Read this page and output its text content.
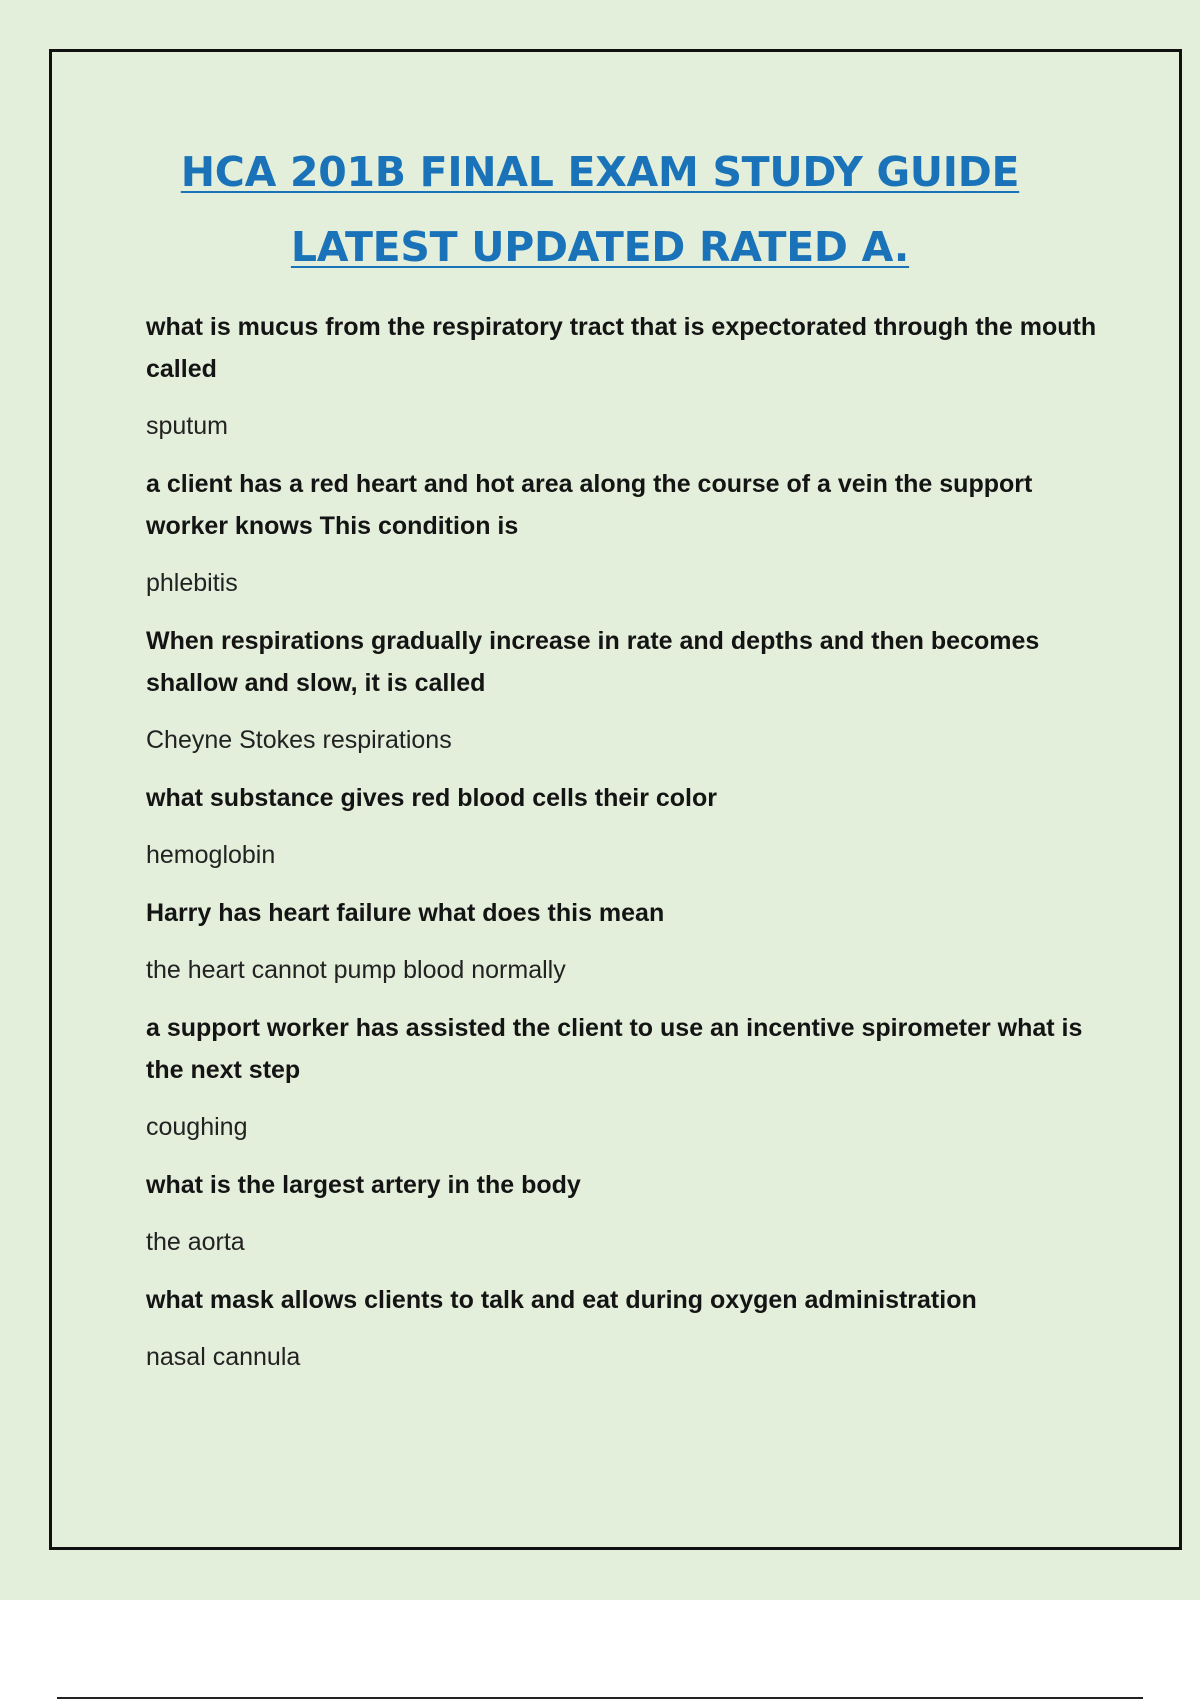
HCA 201B FINAL EXAM STUDY GUIDE
LATEST UPDATED RATED A.
what is mucus from the respiratory tract that is expectorated through the mouth called
sputum
a client has a red heart and hot area along the course of a vein the support worker knows This condition is
phlebitis
When respirations gradually increase in rate and depths and then becomes shallow and slow, it is called
Cheyne Stokes respirations
what substance gives red blood cells their color
hemoglobin
Harry has heart failure what does this mean
the heart cannot pump blood normally
a support worker has assisted the client to use an incentive spirometer what is the next step
coughing
what is the largest artery in the body
the aorta
what mask allows clients to talk and eat during oxygen administration
nasal cannula
